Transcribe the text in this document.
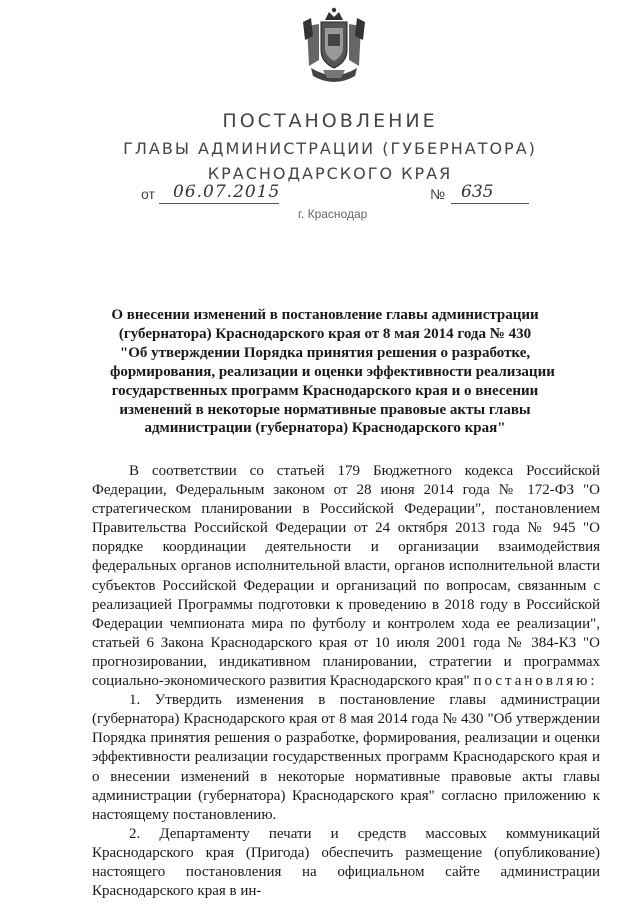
ПОСТАНОВЛЕНИЕ
ГЛАВЫ АДМИНИСТРАЦИИ (ГУБЕРНАТОРА)
КРАСНОДАРСКОГО КРАЯ
от	06.07.2015	№ 635
г. Краснодар
О внесении изменений в постановление главы администрации
(губернатора) Краснодарского края от 8 мая 2014 года № 430
"Об утверждении Порядка принятия решения о разработке,
формирования, реализации и оценки эффективности реализации
государственных программ Краснодарского края и о внесении
изменений в некоторые нормативные правовые акты главы
администрации (губернатора) Краснодарского края"

В соответствии со статьей 179 Бюджетного кодекса Российской Федерации, Федеральным законом от 28 июня 2014 года № 172-ФЗ "О стратегическом планировании в Российской Федерации", постановлением Правительства Российской Федерации от 24 октября 2013 года № 945 "О порядке координации деятельности и организации взаимодействия федеральных органов исполнительной власти, органов исполнительной власти субъектов Российской Федерации и организаций по вопросам, связанным с реализацией Программы подготовки к проведению в 2018 году в Российской Федерации чемпионата мира по футболу и контролем хода ее реализации", статьей 6 Закона Краснодарского края от 10 июля 2001 года № 384-КЗ "О прогнозировании, индикативном планировании, стратегии и программах социально-экономического развития Краснодарского края" постановляю:

1. Утвердить изменения в постановление главы администрации (губернатора) Краснодарского края от 8 мая 2014 года № 430 "Об утверждении Порядка принятия решения о разработке, формирования, реализации и оценки эффективности реализации государственных программ Краснодарского края и о внесении изменений в некоторые нормативные правовые акты главы администрации (губернатора) Краснодарского края" согласно приложению к настоящему постановлению.

2. Департаменту печати и средств массовых коммуникаций Краснодарского края (Пригода) обеспечить размещение (опубликование) настоящего постановления на официальном сайте администрации Краснодарского края в ин-
